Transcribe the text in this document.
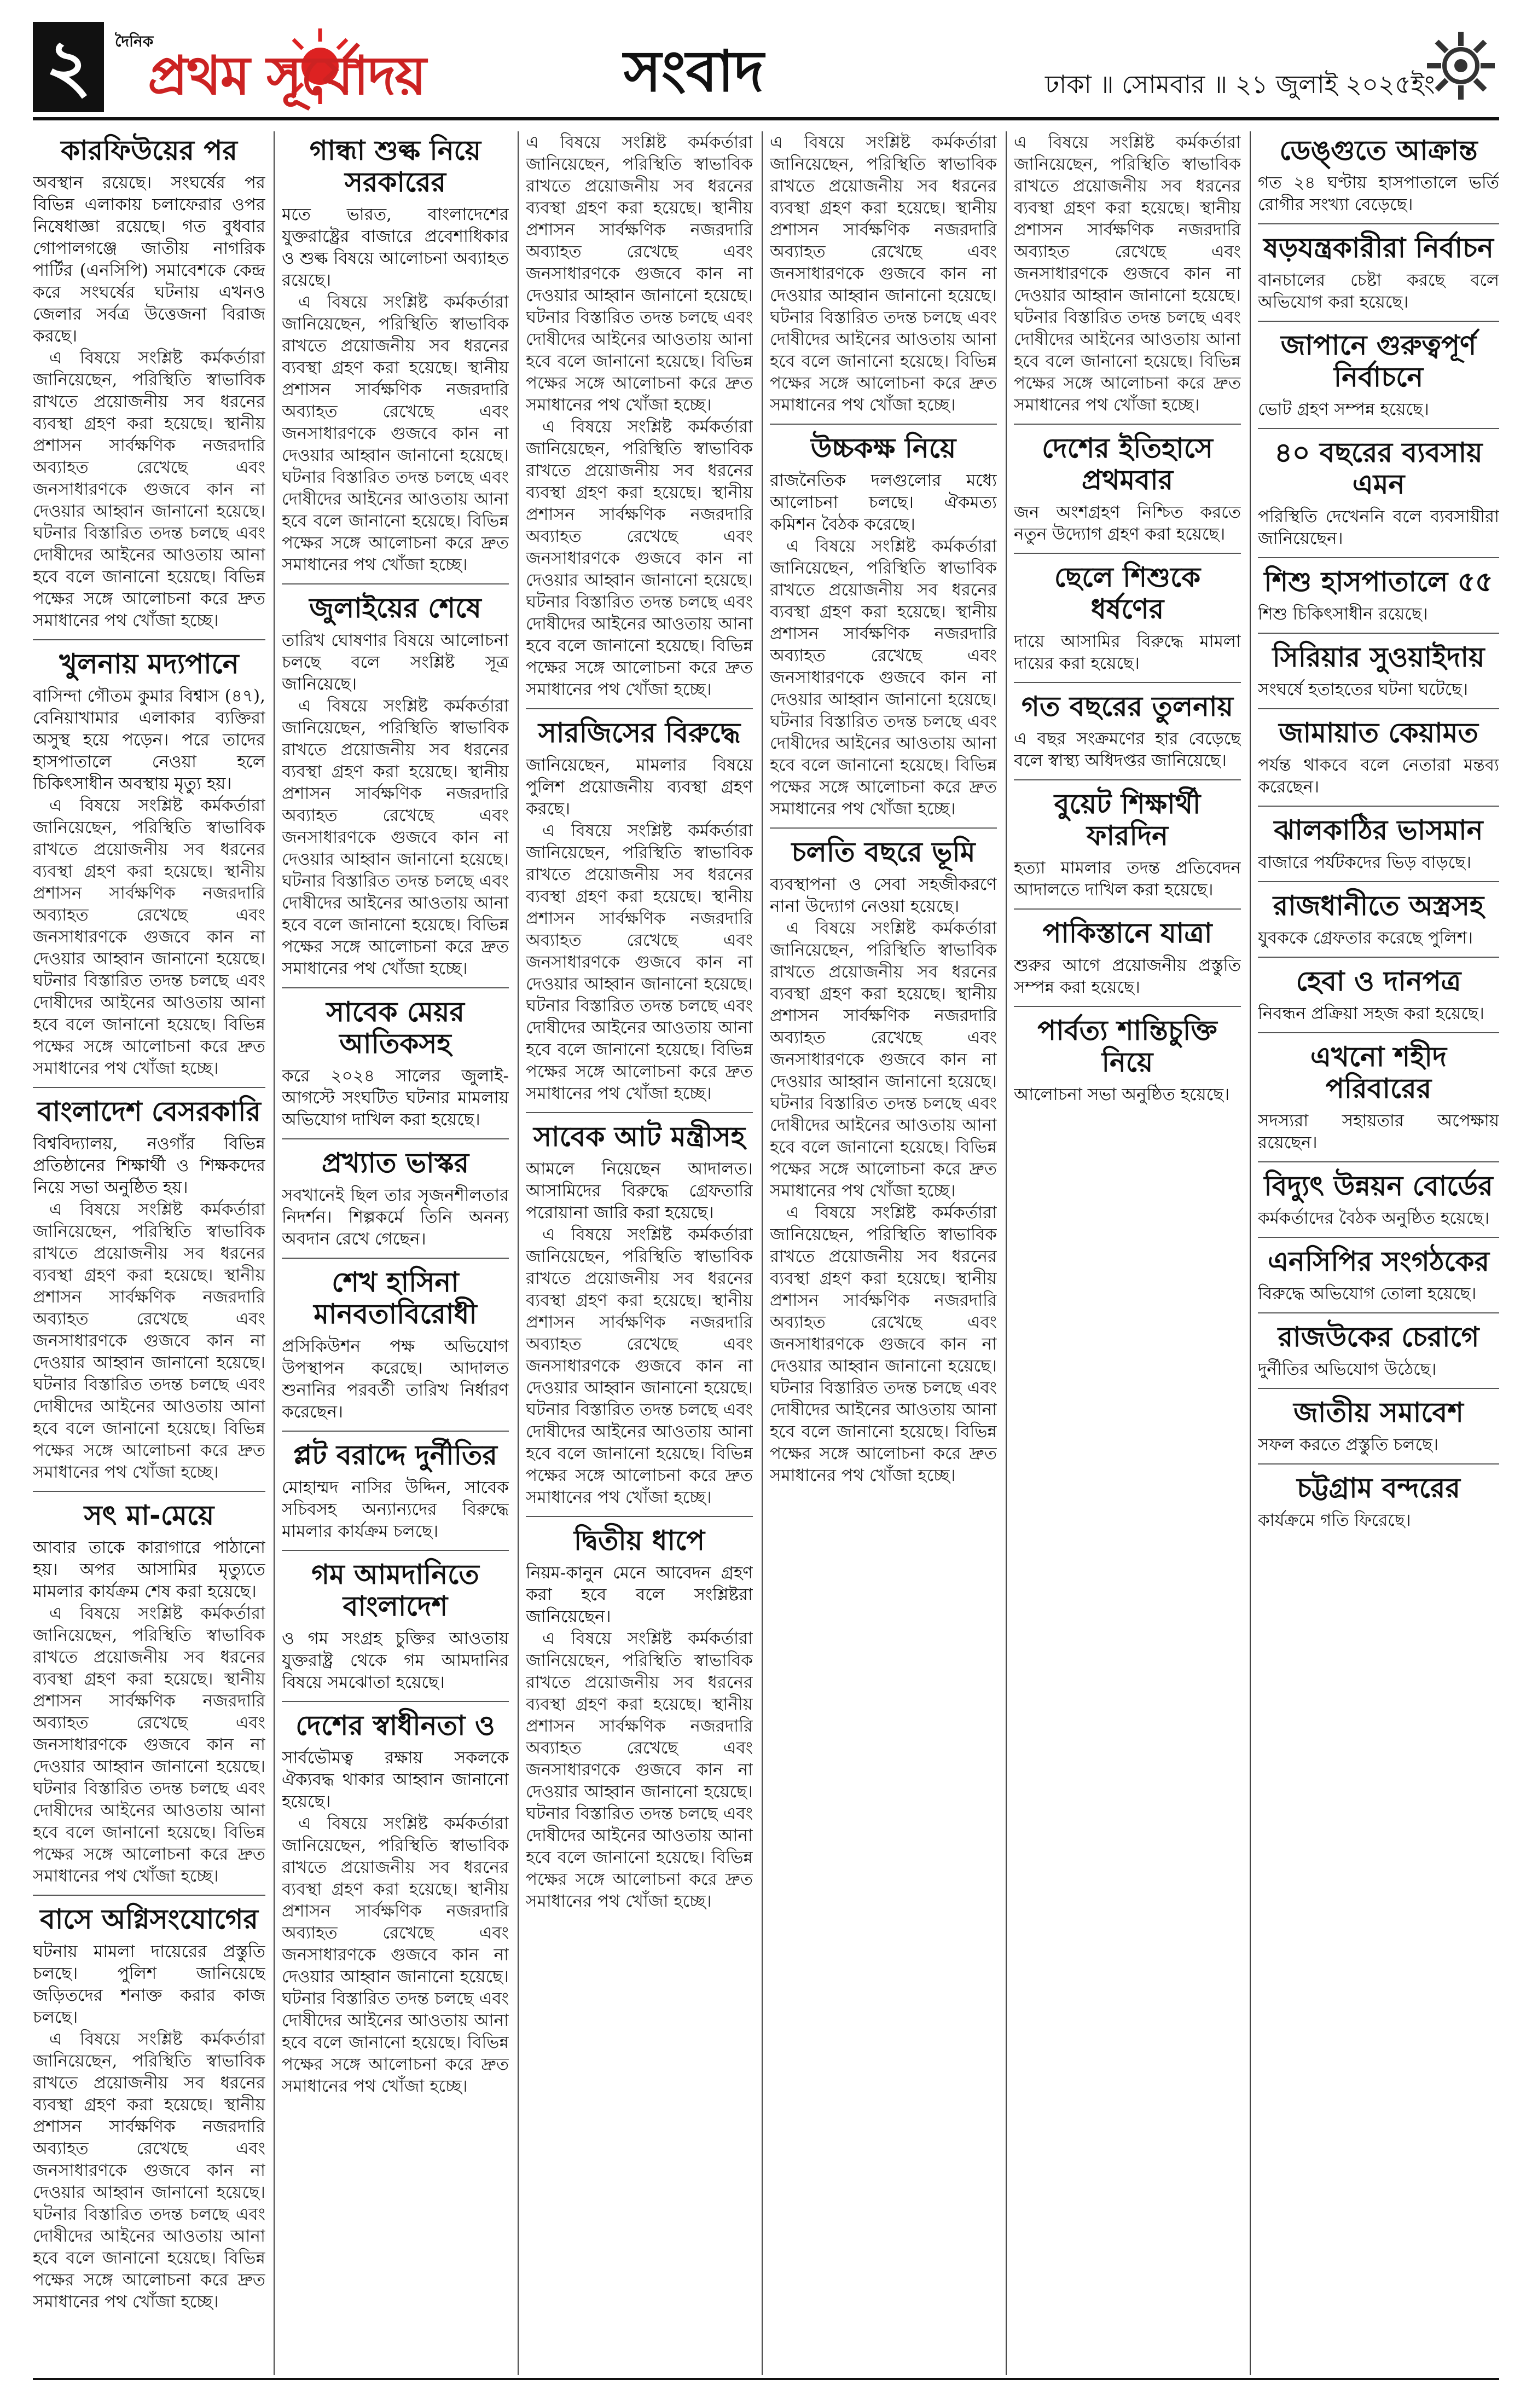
২	দৈনিক
প্রথম সূর্যোদয়	সংবাদ	ঢাকা ॥ সোমবার ॥ ২১ জুলাই ২০২৫ইং
কারফিউয়ের পর

অবস্থান রয়েছে। সংঘর্ষের পর বিভিন্ন এলাকায় চলাফেরার ওপর নিষেধাজ্ঞা রয়েছে। গত বুধবার গোপালগঞ্জে জাতীয় নাগরিক পার্টির (এনসিপি) সমাবেশকে কেন্দ্র করে সংঘর্ষের ঘটনায় এখনও জেলার সর্বত্র উত্তেজনা বিরাজ করছে।

এ বিষয়ে সংশ্লিষ্ট কর্মকর্তারা জানিয়েছেন, পরিস্থিতি স্বাভাবিক রাখতে প্রয়োজনীয় সব ধরনের ব্যবস্থা গ্রহণ করা হয়েছে। স্থানীয় প্রশাসন সার্বক্ষণিক নজরদারি অব্যাহত রেখেছে এবং জনসাধারণকে গুজবে কান না দেওয়ার আহ্বান জানানো হয়েছে। ঘটনার বিস্তারিত তদন্ত চলছে এবং দোষীদের আইনের আওতায় আনা হবে বলে জানানো হয়েছে। বিভিন্ন পক্ষের সঙ্গে আলোচনা করে দ্রুত সমাধানের পথ খোঁজা হচ্ছে।

খুলনায় মদ্যপানে

বাসিন্দা গৌতম কুমার বিশ্বাস (৪৭), বেনিয়াখামার এলাকার ব্যক্তিরা অসুস্থ হয়ে পড়েন। পরে তাদের হাসপাতালে নেওয়া হলে চিকিৎসাধীন অবস্থায় মৃত্যু হয়।

এ বিষয়ে সংশ্লিষ্ট কর্মকর্তারা জানিয়েছেন, পরিস্থিতি স্বাভাবিক রাখতে প্রয়োজনীয় সব ধরনের ব্যবস্থা গ্রহণ করা হয়েছে। স্থানীয় প্রশাসন সার্বক্ষণিক নজরদারি অব্যাহত রেখেছে এবং জনসাধারণকে গুজবে কান না দেওয়ার আহ্বান জানানো হয়েছে। ঘটনার বিস্তারিত তদন্ত চলছে এবং দোষীদের আইনের আওতায় আনা হবে বলে জানানো হয়েছে। বিভিন্ন পক্ষের সঙ্গে আলোচনা করে দ্রুত সমাধানের পথ খোঁজা হচ্ছে।

বাংলাদেশ বেসরকারি

বিশ্ববিদ্যালয়, নওগাঁর বিভিন্ন প্রতিষ্ঠানের শিক্ষার্থী ও শিক্ষকদের নিয়ে সভা অনুষ্ঠিত হয়।

এ বিষয়ে সংশ্লিষ্ট কর্মকর্তারা জানিয়েছেন, পরিস্থিতি স্বাভাবিক রাখতে প্রয়োজনীয় সব ধরনের ব্যবস্থা গ্রহণ করা হয়েছে। স্থানীয় প্রশাসন সার্বক্ষণিক নজরদারি অব্যাহত রেখেছে এবং জনসাধারণকে গুজবে কান না দেওয়ার আহ্বান জানানো হয়েছে। ঘটনার বিস্তারিত তদন্ত চলছে এবং দোষীদের আইনের আওতায় আনা হবে বলে জানানো হয়েছে। বিভিন্ন পক্ষের সঙ্গে আলোচনা করে দ্রুত সমাধানের পথ খোঁজা হচ্ছে।

সৎ মা-মেয়ে

আবার তাকে কারাগারে পাঠানো হয়। অপর আসামির মৃত্যুতে মামলার কার্যক্রম শেষ করা হয়েছে।

এ বিষয়ে সংশ্লিষ্ট কর্মকর্তারা জানিয়েছেন, পরিস্থিতি স্বাভাবিক রাখতে প্রয়োজনীয় সব ধরনের ব্যবস্থা গ্রহণ করা হয়েছে। স্থানীয় প্রশাসন সার্বক্ষণিক নজরদারি অব্যাহত রেখেছে এবং জনসাধারণকে গুজবে কান না দেওয়ার আহ্বান জানানো হয়েছে। ঘটনার বিস্তারিত তদন্ত চলছে এবং দোষীদের আইনের আওতায় আনা হবে বলে জানানো হয়েছে। বিভিন্ন পক্ষের সঙ্গে আলোচনা করে দ্রুত সমাধানের পথ খোঁজা হচ্ছে।

বাসে অগ্নিসংযোগের

ঘটনায় মামলা দায়েরের প্রস্তুতি চলছে। পুলিশ জানিয়েছে জড়িতদের শনাক্ত করার কাজ চলছে।

এ বিষয়ে সংশ্লিষ্ট কর্মকর্তারা জানিয়েছেন, পরিস্থিতি স্বাভাবিক রাখতে প্রয়োজনীয় সব ধরনের ব্যবস্থা গ্রহণ করা হয়েছে। স্থানীয় প্রশাসন সার্বক্ষণিক নজরদারি অব্যাহত রেখেছে এবং জনসাধারণকে গুজবে কান না দেওয়ার আহ্বান জানানো হয়েছে। ঘটনার বিস্তারিত তদন্ত চলছে এবং দোষীদের আইনের আওতায় আনা হবে বলে জানানো হয়েছে। বিভিন্ন পক্ষের সঙ্গে আলোচনা করে দ্রুত সমাধানের পথ খোঁজা হচ্ছে।

গান্ধা শুল্ক নিয়ে সরকারের

মতে ভারত, বাংলাদেশের যুক্তরাষ্ট্রের বাজারে প্রবেশাধিকার ও শুল্ক বিষয়ে আলোচনা অব্যাহত রয়েছে।

এ বিষয়ে সংশ্লিষ্ট কর্মকর্তারা জানিয়েছেন, পরিস্থিতি স্বাভাবিক রাখতে প্রয়োজনীয় সব ধরনের ব্যবস্থা গ্রহণ করা হয়েছে। স্থানীয় প্রশাসন সার্বক্ষণিক নজরদারি অব্যাহত রেখেছে এবং জনসাধারণকে গুজবে কান না দেওয়ার আহ্বান জানানো হয়েছে। ঘটনার বিস্তারিত তদন্ত চলছে এবং দোষীদের আইনের আওতায় আনা হবে বলে জানানো হয়েছে। বিভিন্ন পক্ষের সঙ্গে আলোচনা করে দ্রুত সমাধানের পথ খোঁজা হচ্ছে।

জুলাইয়ের শেষে

তারিখ ঘোষণার বিষয়ে আলোচনা চলছে বলে সংশ্লিষ্ট সূত্র জানিয়েছে।

এ বিষয়ে সংশ্লিষ্ট কর্মকর্তারা জানিয়েছেন, পরিস্থিতি স্বাভাবিক রাখতে প্রয়োজনীয় সব ধরনের ব্যবস্থা গ্রহণ করা হয়েছে। স্থানীয় প্রশাসন সার্বক্ষণিক নজরদারি অব্যাহত রেখেছে এবং জনসাধারণকে গুজবে কান না দেওয়ার আহ্বান জানানো হয়েছে। ঘটনার বিস্তারিত তদন্ত চলছে এবং দোষীদের আইনের আওতায় আনা হবে বলে জানানো হয়েছে। বিভিন্ন পক্ষের সঙ্গে আলোচনা করে দ্রুত সমাধানের পথ খোঁজা হচ্ছে।

সাবেক মেয়র আতিকসহ

করে ২০২৪ সালের জুলাই-আগস্টে সংঘটিত ঘটনার মামলায় অভিযোগ দাখিল করা হয়েছে।

প্রখ্যাত ভাস্কর

সবখানেই ছিল তার সৃজনশীলতার নিদর্শন। শিল্পকর্মে তিনি অনন্য অবদান রেখে গেছেন।

শেখ হাসিনা মানবতাবিরোধী

প্রসিকিউশন পক্ষ অভিযোগ উপস্থাপন করেছে। আদালত শুনানির পরবর্তী তারিখ নির্ধারণ করেছেন।

প্লট বরাদ্দে দুর্নীতির

মোহাম্মদ নাসির উদ্দিন, সাবেক সচিবসহ অন্যান্যদের বিরুদ্ধে মামলার কার্যক্রম চলছে।

গম আমদানিতে বাংলাদেশ

ও গম সংগ্রহ চুক্তির আওতায় যুক্তরাষ্ট্র থেকে গম আমদানির বিষয়ে সমঝোতা হয়েছে।

দেশের স্বাধীনতা ও

সার্বভৌমত্ব রক্ষায় সকলকে ঐক্যবদ্ধ থাকার আহ্বান জানানো হয়েছে।

এ বিষয়ে সংশ্লিষ্ট কর্মকর্তারা জানিয়েছেন, পরিস্থিতি স্বাভাবিক রাখতে প্রয়োজনীয় সব ধরনের ব্যবস্থা গ্রহণ করা হয়েছে। স্থানীয় প্রশাসন সার্বক্ষণিক নজরদারি অব্যাহত রেখেছে এবং জনসাধারণকে গুজবে কান না দেওয়ার আহ্বান জানানো হয়েছে। ঘটনার বিস্তারিত তদন্ত চলছে এবং দোষীদের আইনের আওতায় আনা হবে বলে জানানো হয়েছে। বিভিন্ন পক্ষের সঙ্গে আলোচনা করে দ্রুত সমাধানের পথ খোঁজা হচ্ছে।

এ বিষয়ে সংশ্লিষ্ট কর্মকর্তারা জানিয়েছেন, পরিস্থিতি স্বাভাবিক রাখতে প্রয়োজনীয় সব ধরনের ব্যবস্থা গ্রহণ করা হয়েছে। স্থানীয় প্রশাসন সার্বক্ষণিক নজরদারি অব্যাহত রেখেছে এবং জনসাধারণকে গুজবে কান না দেওয়ার আহ্বান জানানো হয়েছে। ঘটনার বিস্তারিত তদন্ত চলছে এবং দোষীদের আইনের আওতায় আনা হবে বলে জানানো হয়েছে। বিভিন্ন পক্ষের সঙ্গে আলোচনা করে দ্রুত সমাধানের পথ খোঁজা হচ্ছে।

এ বিষয়ে সংশ্লিষ্ট কর্মকর্তারা জানিয়েছেন, পরিস্থিতি স্বাভাবিক রাখতে প্রয়োজনীয় সব ধরনের ব্যবস্থা গ্রহণ করা হয়েছে। স্থানীয় প্রশাসন সার্বক্ষণিক নজরদারি অব্যাহত রেখেছে এবং জনসাধারণকে গুজবে কান না দেওয়ার আহ্বান জানানো হয়েছে। ঘটনার বিস্তারিত তদন্ত চলছে এবং দোষীদের আইনের আওতায় আনা হবে বলে জানানো হয়েছে। বিভিন্ন পক্ষের সঙ্গে আলোচনা করে দ্রুত সমাধানের পথ খোঁজা হচ্ছে।

সারজিসের বিরুদ্ধে

জানিয়েছেন, মামলার বিষয়ে পুলিশ প্রয়োজনীয় ব্যবস্থা গ্রহণ করছে।

এ বিষয়ে সংশ্লিষ্ট কর্মকর্তারা জানিয়েছেন, পরিস্থিতি স্বাভাবিক রাখতে প্রয়োজনীয় সব ধরনের ব্যবস্থা গ্রহণ করা হয়েছে। স্থানীয় প্রশাসন সার্বক্ষণিক নজরদারি অব্যাহত রেখেছে এবং জনসাধারণকে গুজবে কান না দেওয়ার আহ্বান জানানো হয়েছে। ঘটনার বিস্তারিত তদন্ত চলছে এবং দোষীদের আইনের আওতায় আনা হবে বলে জানানো হয়েছে। বিভিন্ন পক্ষের সঙ্গে আলোচনা করে দ্রুত সমাধানের পথ খোঁজা হচ্ছে।

সাবেক আট মন্ত্রীসহ

আমলে নিয়েছেন আদালত। আসামিদের বিরুদ্ধে গ্রেফতারি পরোয়ানা জারি করা হয়েছে।

এ বিষয়ে সংশ্লিষ্ট কর্মকর্তারা জানিয়েছেন, পরিস্থিতি স্বাভাবিক রাখতে প্রয়োজনীয় সব ধরনের ব্যবস্থা গ্রহণ করা হয়েছে। স্থানীয় প্রশাসন সার্বক্ষণিক নজরদারি অব্যাহত রেখেছে এবং জনসাধারণকে গুজবে কান না দেওয়ার আহ্বান জানানো হয়েছে। ঘটনার বিস্তারিত তদন্ত চলছে এবং দোষীদের আইনের আওতায় আনা হবে বলে জানানো হয়েছে। বিভিন্ন পক্ষের সঙ্গে আলোচনা করে দ্রুত সমাধানের পথ খোঁজা হচ্ছে।

দ্বিতীয় ধাপে

নিয়ম-কানুন মেনে আবেদন গ্রহণ করা হবে বলে সংশ্লিষ্টরা জানিয়েছেন।

এ বিষয়ে সংশ্লিষ্ট কর্মকর্তারা জানিয়েছেন, পরিস্থিতি স্বাভাবিক রাখতে প্রয়োজনীয় সব ধরনের ব্যবস্থা গ্রহণ করা হয়েছে। স্থানীয় প্রশাসন সার্বক্ষণিক নজরদারি অব্যাহত রেখেছে এবং জনসাধারণকে গুজবে কান না দেওয়ার আহ্বান জানানো হয়েছে। ঘটনার বিস্তারিত তদন্ত চলছে এবং দোষীদের আইনের আওতায় আনা হবে বলে জানানো হয়েছে। বিভিন্ন পক্ষের সঙ্গে আলোচনা করে দ্রুত সমাধানের পথ খোঁজা হচ্ছে।

এ বিষয়ে সংশ্লিষ্ট কর্মকর্তারা জানিয়েছেন, পরিস্থিতি স্বাভাবিক রাখতে প্রয়োজনীয় সব ধরনের ব্যবস্থা গ্রহণ করা হয়েছে। স্থানীয় প্রশাসন সার্বক্ষণিক নজরদারি অব্যাহত রেখেছে এবং জনসাধারণকে গুজবে কান না দেওয়ার আহ্বান জানানো হয়েছে। ঘটনার বিস্তারিত তদন্ত চলছে এবং দোষীদের আইনের আওতায় আনা হবে বলে জানানো হয়েছে। বিভিন্ন পক্ষের সঙ্গে আলোচনা করে দ্রুত সমাধানের পথ খোঁজা হচ্ছে।

উচ্চকক্ষ নিয়ে

রাজনৈতিক দলগুলোর মধ্যে আলোচনা চলছে। ঐকমত্য কমিশন বৈঠক করেছে।

এ বিষয়ে সংশ্লিষ্ট কর্মকর্তারা জানিয়েছেন, পরিস্থিতি স্বাভাবিক রাখতে প্রয়োজনীয় সব ধরনের ব্যবস্থা গ্রহণ করা হয়েছে। স্থানীয় প্রশাসন সার্বক্ষণিক নজরদারি অব্যাহত রেখেছে এবং জনসাধারণকে গুজবে কান না দেওয়ার আহ্বান জানানো হয়েছে। ঘটনার বিস্তারিত তদন্ত চলছে এবং দোষীদের আইনের আওতায় আনা হবে বলে জানানো হয়েছে। বিভিন্ন পক্ষের সঙ্গে আলোচনা করে দ্রুত সমাধানের পথ খোঁজা হচ্ছে।

চলতি বছরে ভূমি

ব্যবস্থাপনা ও সেবা সহজীকরণে নানা উদ্যোগ নেওয়া হয়েছে।

এ বিষয়ে সংশ্লিষ্ট কর্মকর্তারা জানিয়েছেন, পরিস্থিতি স্বাভাবিক রাখতে প্রয়োজনীয় সব ধরনের ব্যবস্থা গ্রহণ করা হয়েছে। স্থানীয় প্রশাসন সার্বক্ষণিক নজরদারি অব্যাহত রেখেছে এবং জনসাধারণকে গুজবে কান না দেওয়ার আহ্বান জানানো হয়েছে। ঘটনার বিস্তারিত তদন্ত চলছে এবং দোষীদের আইনের আওতায় আনা হবে বলে জানানো হয়েছে। বিভিন্ন পক্ষের সঙ্গে আলোচনা করে দ্রুত সমাধানের পথ খোঁজা হচ্ছে।

এ বিষয়ে সংশ্লিষ্ট কর্মকর্তারা জানিয়েছেন, পরিস্থিতি স্বাভাবিক রাখতে প্রয়োজনীয় সব ধরনের ব্যবস্থা গ্রহণ করা হয়েছে। স্থানীয় প্রশাসন সার্বক্ষণিক নজরদারি অব্যাহত রেখেছে এবং জনসাধারণকে গুজবে কান না দেওয়ার আহ্বান জানানো হয়েছে। ঘটনার বিস্তারিত তদন্ত চলছে এবং দোষীদের আইনের আওতায় আনা হবে বলে জানানো হয়েছে। বিভিন্ন পক্ষের সঙ্গে আলোচনা করে দ্রুত সমাধানের পথ খোঁজা হচ্ছে।

এ বিষয়ে সংশ্লিষ্ট কর্মকর্তারা জানিয়েছেন, পরিস্থিতি স্বাভাবিক রাখতে প্রয়োজনীয় সব ধরনের ব্যবস্থা গ্রহণ করা হয়েছে। স্থানীয় প্রশাসন সার্বক্ষণিক নজরদারি অব্যাহত রেখেছে এবং জনসাধারণকে গুজবে কান না দেওয়ার আহ্বান জানানো হয়েছে। ঘটনার বিস্তারিত তদন্ত চলছে এবং দোষীদের আইনের আওতায় আনা হবে বলে জানানো হয়েছে। বিভিন্ন পক্ষের সঙ্গে আলোচনা করে দ্রুত সমাধানের পথ খোঁজা হচ্ছে।

দেশের ইতিহাসে প্রথমবার

জন অংশগ্রহণ নিশ্চিত করতে নতুন উদ্যোগ গ্রহণ করা হয়েছে।

ছেলে শিশুকে ধর্ষণের

দায়ে আসামির বিরুদ্ধে মামলা দায়ের করা হয়েছে।

গত বছরের তুলনায়

এ বছর সংক্রমণের হার বেড়েছে বলে স্বাস্থ্য অধিদপ্তর জানিয়েছে।

বুয়েট শিক্ষার্থী ফারদিন

হত্যা মামলার তদন্ত প্রতিবেদন আদালতে দাখিল করা হয়েছে।

পাকিস্তানে যাত্রা

শুরুর আগে প্রয়োজনীয় প্রস্তুতি সম্পন্ন করা হয়েছে।

পার্বত্য শান্তিচুক্তি নিয়ে

আলোচনা সভা অনুষ্ঠিত হয়েছে।

ডেঙ্গুতে আক্রান্ত

গত ২৪ ঘণ্টায় হাসপাতালে ভর্তি রোগীর সংখ্যা বেড়েছে।

ষড়যন্ত্রকারীরা নির্বাচন

বানচালের চেষ্টা করছে বলে অভিযোগ করা হয়েছে।

জাপানে গুরুত্বপূর্ণ নির্বাচনে

ভোট গ্রহণ সম্পন্ন হয়েছে।

৪০ বছরের ব্যবসায় এমন

পরিস্থিতি দেখেননি বলে ব্যবসায়ীরা জানিয়েছেন।

শিশু হাসপাতালে ৫৫

শিশু চিকিৎসাধীন রয়েছে।

সিরিয়ার সুওয়াইদায়

সংঘর্ষে হতাহতের ঘটনা ঘটেছে।

জামায়াত কেয়ামত

পর্যন্ত থাকবে বলে নেতারা মন্তব্য করেছেন।

ঝালকাঠির ভাসমান

বাজারে পর্যটকদের ভিড় বাড়ছে।

রাজধানীতে অস্ত্রসহ

যুবককে গ্রেফতার করেছে পুলিশ।

হেবা ও দানপত্র

নিবন্ধন প্রক্রিয়া সহজ করা হয়েছে।

এখনো শহীদ পরিবারের

সদস্যরা সহায়তার অপেক্ষায় রয়েছেন।

বিদ্যুৎ উন্নয়ন বোর্ডের

কর্মকর্তাদের বৈঠক অনুষ্ঠিত হয়েছে।

এনসিপির সংগঠকের

বিরুদ্ধে অভিযোগ তোলা হয়েছে।

রাজউকের চেরাগে

দুর্নীতির অভিযোগ উঠেছে।

জাতীয় সমাবেশ

সফল করতে প্রস্তুতি চলছে।

চট্টগ্রাম বন্দরের

কার্যক্রমে গতি ফিরেছে।
